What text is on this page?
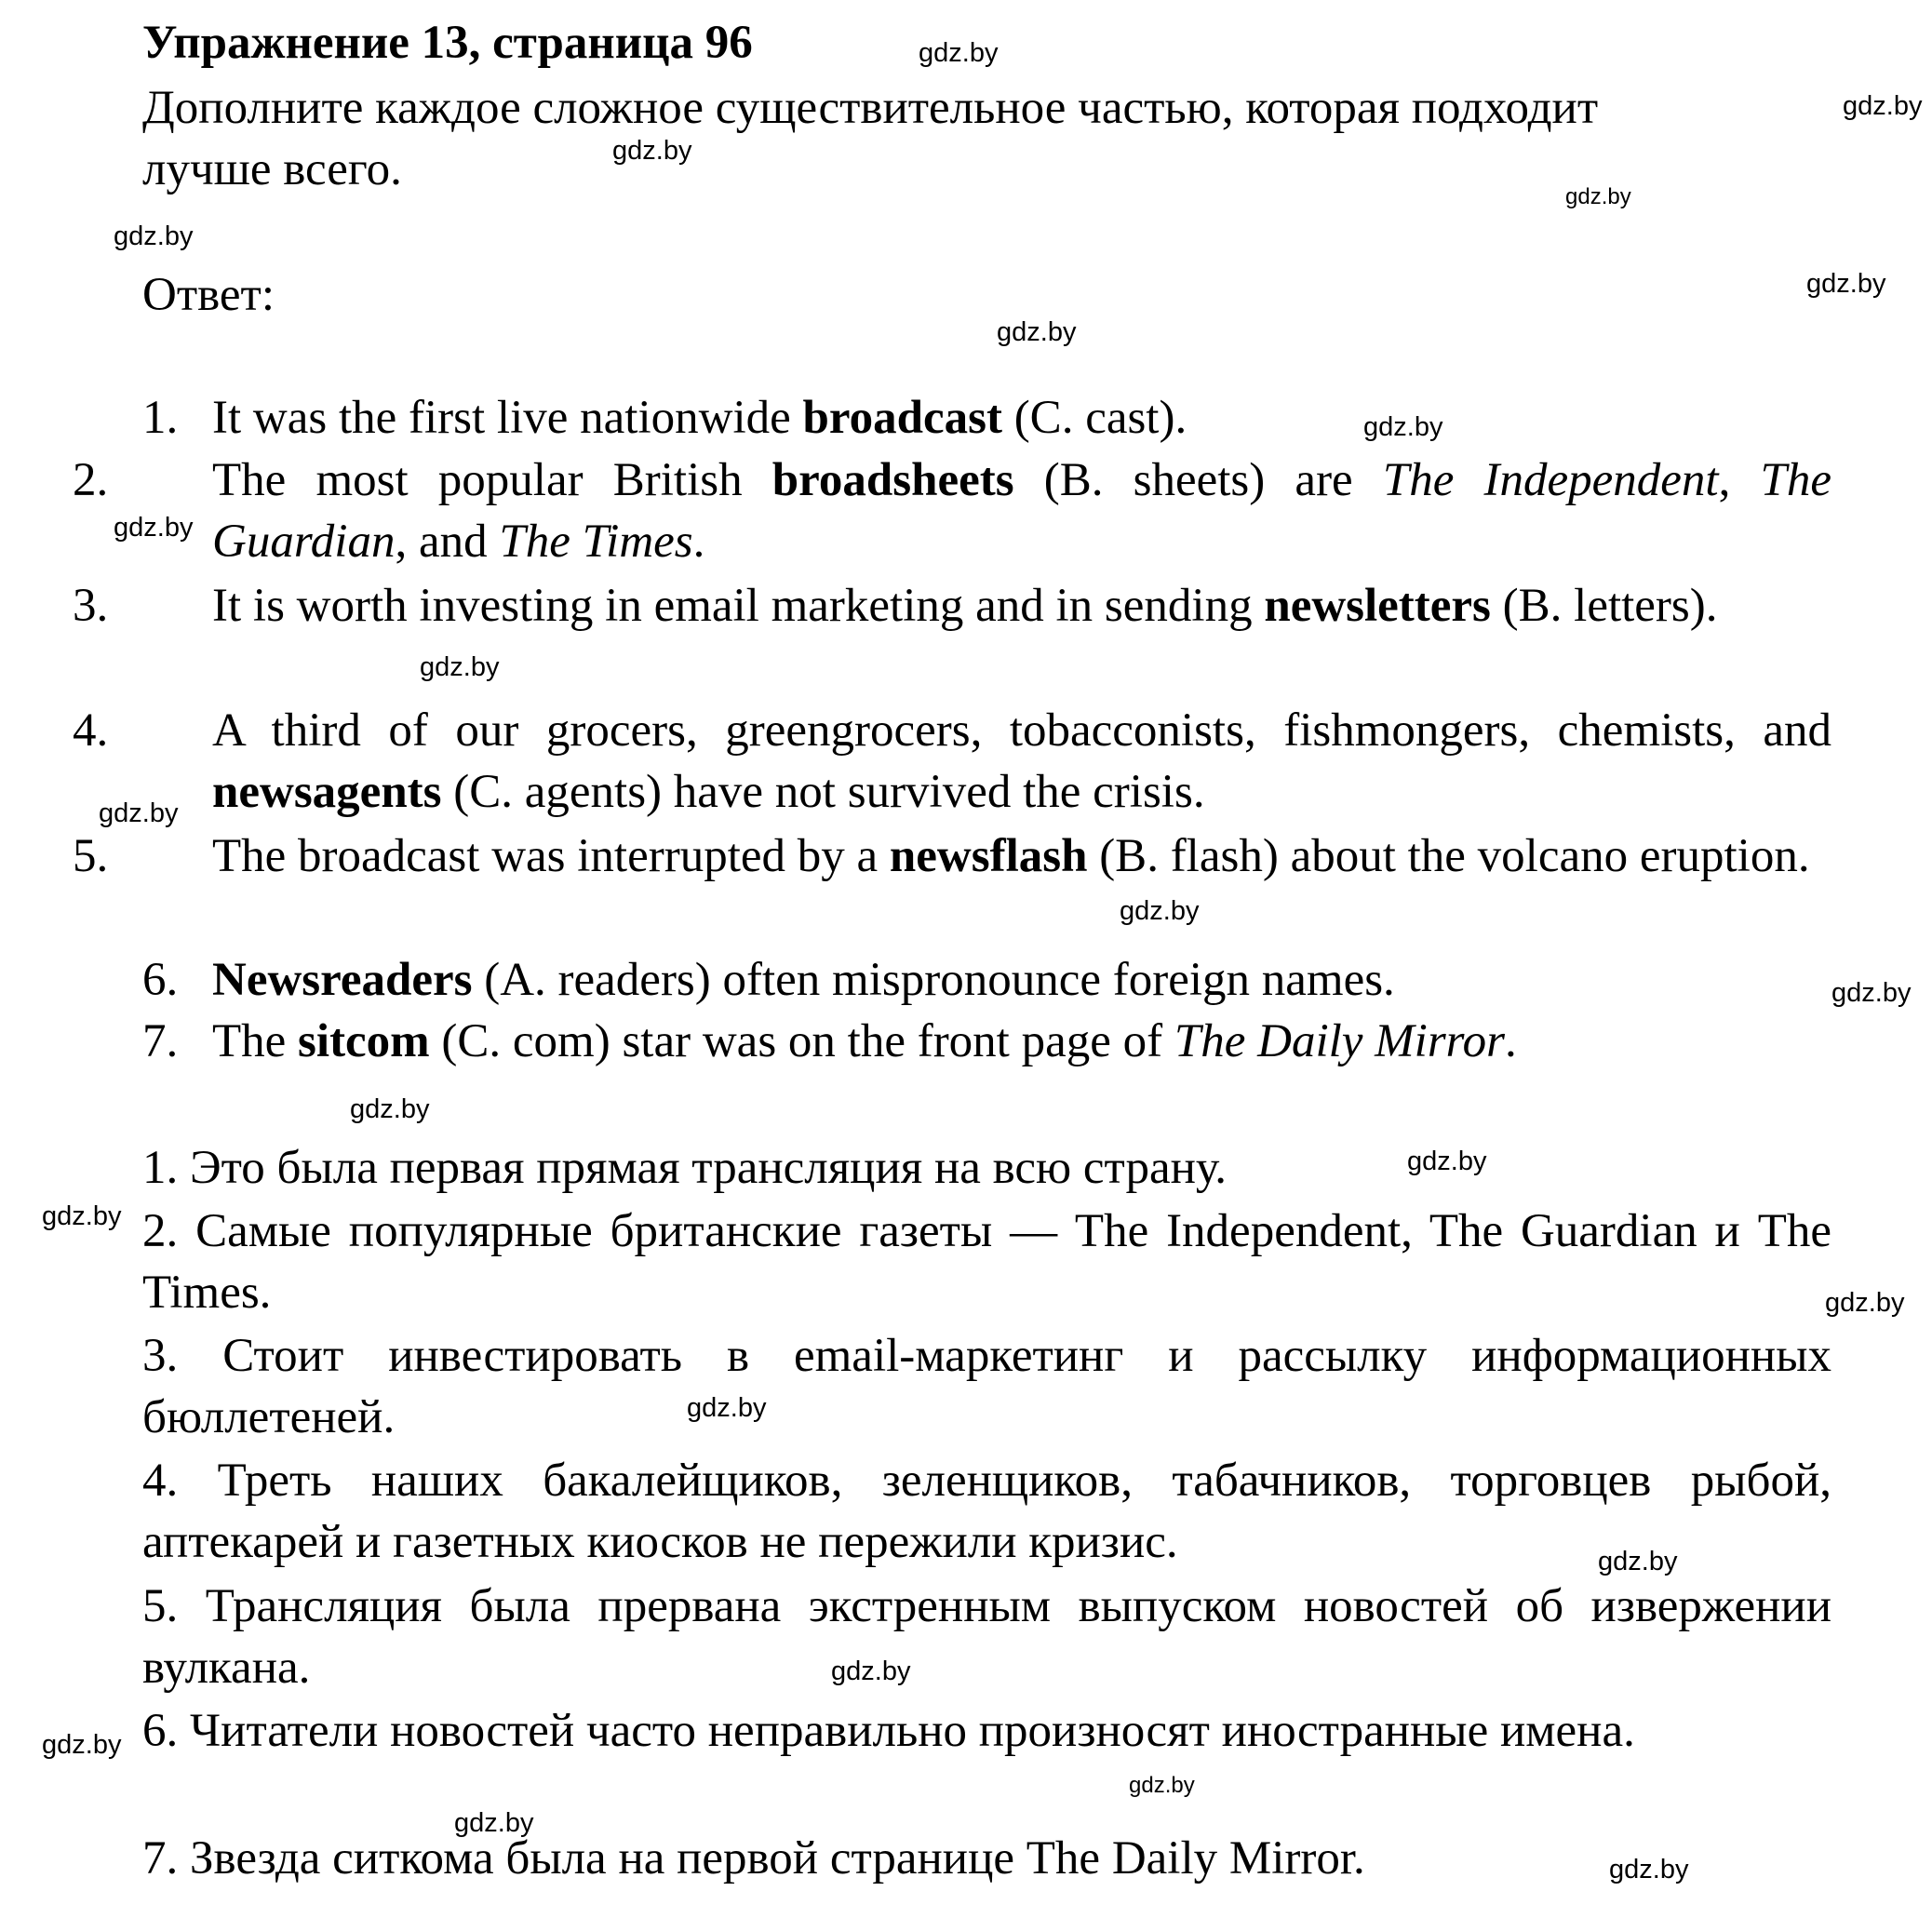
Упражнение 13, страница 96
Дополните каждое сложное существительное частью, которая подходит
лучше всего.
Ответ:
1. It was the first live nationwide broadcast (C. cast).
2. The most popular British broadsheets (B. sheets) are The Independent, The Guardian, and The Times.
3. It is worth investing in email marketing and in sending newsletters (B. letters).
4. A third of our grocers, greengrocers, tobacconists, fishmongers, chemists, and newsagents (C. agents) have not survived the crisis.
5. The broadcast was interrupted by a newsflash (B. flash) about the volcano eruption.
6. Newsreaders (A. readers) often mispronounce foreign names.
7. The sitcom (C. com) star was on the front page of The Daily Mirror.
1. Это была первая прямая трансляция на всю страну.
2. Самые популярные британские газеты — The Independent, The Guardian и The Times.
3. Стоит инвестировать в email-маркетинг и рассылку информационных бюллетеней.
4. Треть наших бакалейщиков, зеленщиков, табачников, торговцев рыбой, аптекарей и газетных киосков не пережили кризис.
5. Трансляция была прервана экстренным выпуском новостей об извержении вулкана.
6. Читатели новостей часто неправильно произносят иностранные имена.
7. Звезда ситкома была на первой странице The Daily Mirror.
gdz.by
gdz.by
gdz.by
gdz.by
gdz.by
gdz.by
gdz.by
gdz.by
gdz.by
gdz.by
gdz.by
gdz.by
gdz.by
gdz.by
gdz.by
gdz.by
gdz.by
gdz.by
gdz.by
gdz.by
gdz.by
gdz.by
gdz.by
gdz.by
